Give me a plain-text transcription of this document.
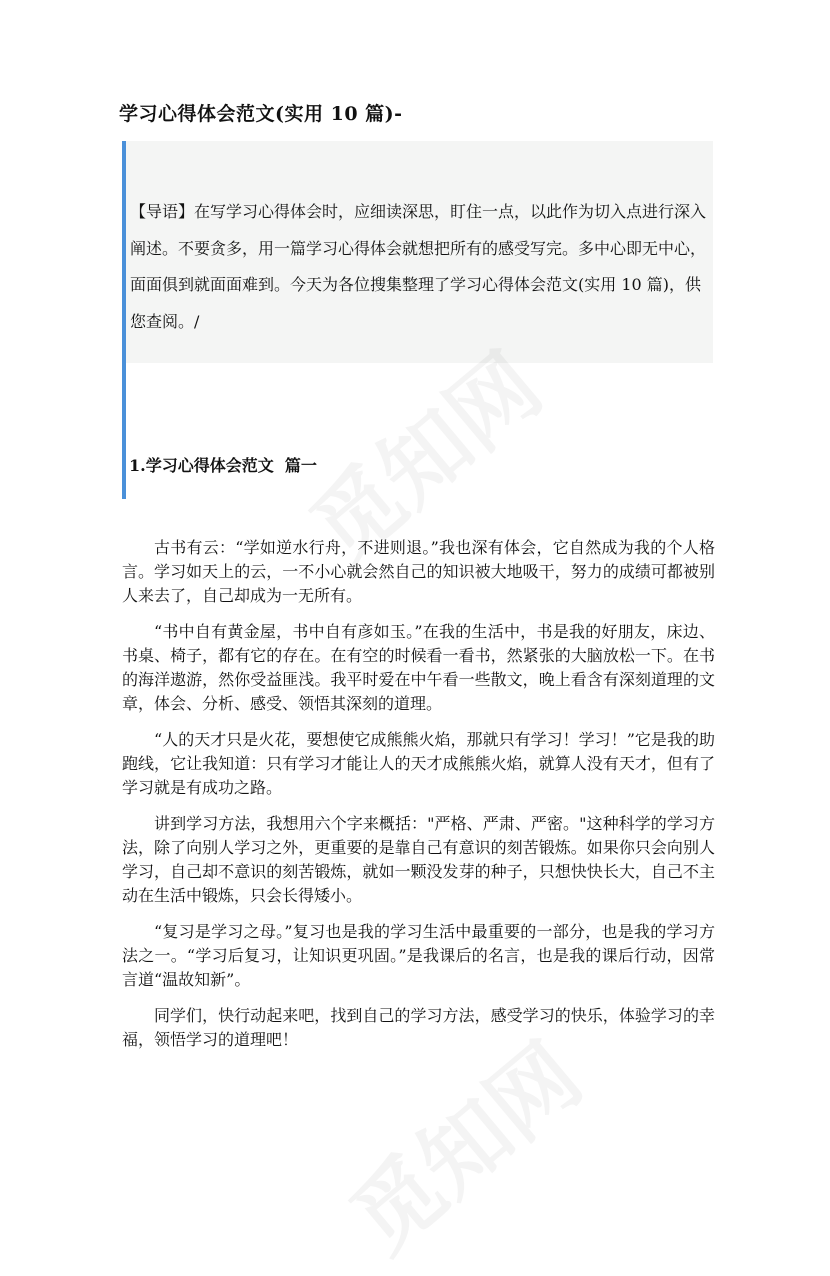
学习心得体会范文(实用 10 篇)-

【导语】在写学习心得体会时，应细读深思，盯住一点，以此作为切入点进行深入阐述。不要贪多，用一篇学习心得体会就想把所有的感受写完。多中心即无中心，面面俱到就面面难到。今天为各位搜集整理了学习心得体会范文(实用 10 篇)，供您查阅。/

1.学习心得体会范文  篇一

古书有云：“学如逆水行舟，不进则退。”我也深有体会，它自然成为我的个人格言。学习如天上的云，一不小心就会然自己的知识被大地吸干，努力的成绩可都被别人来去了，自己却成为一无所有。

“书中自有黄金屋，书中自有彦如玉。”在我的生活中，书是我的好朋友，床边、书桌、椅子，都有它的存在。在有空的时候看一看书，然紧张的大脑放松一下。在书的海洋遨游，然你受益匪浅。我平时爱在中午看一些散文，晚上看含有深刻道理的文章，体会、分析、感受、领悟其深刻的道理。

“人的天才只是火花，要想使它成熊熊火焰，那就只有学习！学习！”它是我的助跑线，它让我知道：只有学习才能让人的天才成熊熊火焰，就算人没有天才，但有了学习就是有成功之路。

讲到学习方法，我想用六个字来概括："严格、严肃、严密。"这种科学的学习方法，除了向别人学习之外，更重要的是靠自己有意识的刻苦锻炼。如果你只会向别人学习，自己却不意识的刻苦锻炼，就如一颗没发芽的种子，只想快快长大，自己不主动在生活中锻炼，只会长得矮小。

“复习是学习之母。”复习也是我的学习生活中最重要的一部分，也是我的学习方法之一。“学习后复习，让知识更巩固。”是我课后的名言，也是我的课后行动，因常言道“温故知新”。

同学们，快行动起来吧，找到自己的学习方法，感受学习的快乐，体验学习的幸福，领悟学习的道理吧！
